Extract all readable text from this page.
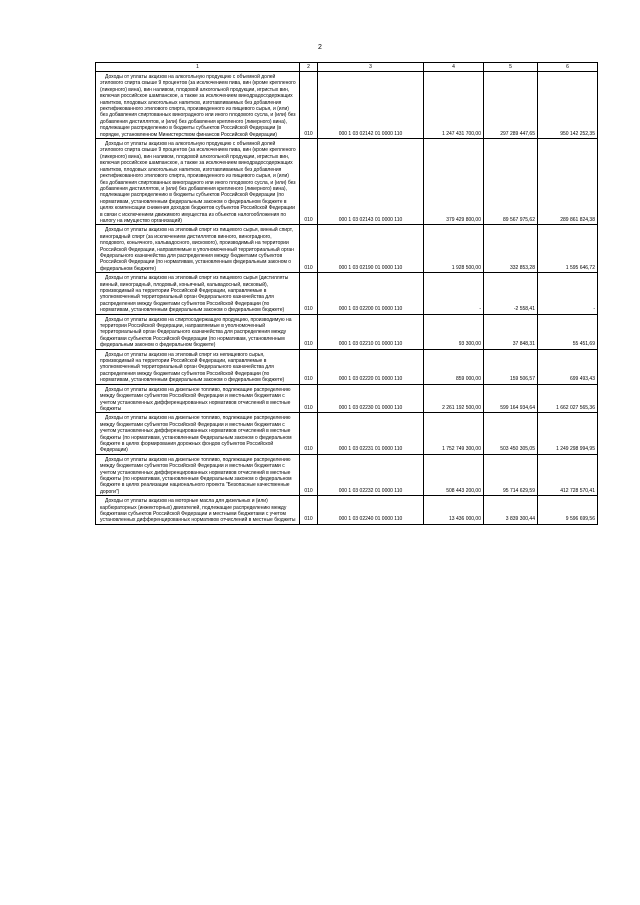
2
1	2	3	4	5	6
Доходы от уплаты акцизов на алкогольную продукцию с объемной долей этилового спирта свыше 9 процентов (за исключением пива, вин (кроме крепленого (ликерного) вина), вин наливом, плодовой алкогольной продукции, игристых вин, включая российское шампанское, а также за исключением винодрадосодержащих напитков, плодовых алкогольных напитков, изготавливаемых без добавления ректификованного этилового спирта, произведенного из пищевого сырья, и (или) без добавления спиртованных виноградного или иного плодового сусла, и (или) без добавления дистиллятов, и (или) без добавления крепленого (ликерного) вина), подлежащие распределению в бюджеты субъектов Российской Федерации (в порядке, установленном Министерством финансов Российской Федерации)	010	000 1 03 02142 01 0000 110	1 247 431 700,00	297 289 447,65	950 142 252,35
Доходы от уплаты акцизов на алкогольную продукцию с объемной долей этилового спирта свыше 9 процентов (за исключением пива, вин (кроме крепленого (ликерного) вина), вин наливом, плодовой алкогольной продукции, игристых вин, включая российское шампанское, а также за исключением винодрадосодержащих напитков, плодовых алкогольных напитков, изготавливаемых без добавления ректификованного этилового спирта, произведенного из пищевого сырья, и (или) без добавления спиртованных виноградного или иного плодового сусла, и (или) без добавления дистиллятов, и (или) без добавления крепленого (ликерного) вина), подлежащие распределению в бюджеты субъектов Российской Федерации (по нормативам, установленным федеральным законом о федеральном бюджете в целях компенсации снижения доходов бюджетов субъектов Российской Федерации в связи с исключением движимого имущества из объектов налогообложения по налогу на имущество организаций)	010	000 1 03 02143 01 0000 110	379 429 800,00	89 567 975,62	289 861 824,38
Доходы от уплаты акцизов на этиловый спирт из пищевого сырья, винный спирт, виноградный спирт (за исключением дистиллятов винного, виноградного, плодового, коньячного, кальвадосного, вискового), производимый на территории Российской Федерации, направляемые в уполномоченный территориальный орган Федерального казначейства для распределения между бюджетами субъектов Российской Федерации (по нормативам, установленным федеральным законом о федеральном бюджете)	010	000 1 03 02190 01 0000 110	1 928 500,00	332 853,28	1 595 646,72
Доходы от уплаты акцизов на этиловый спирт из пищевого сырья (дистилляты винный, виноградный, плодовый, коньячный, кальвадосный, висковый), производимый на территории Российской Федерации, направляемые в уполномоченный территориальный орган Федерального казначейства для распределения между бюджетами субъектов Российской Федерации (по нормативам, установленным федеральным законом о федеральном бюджете)	010	000 1 03 02200 01 0000 110	-	-2 558,41	-
Доходы от уплаты акцизов на спиртосодержащую продукцию, производимую на территории Российской Федерации, направляемые в уполномоченный территориальный орган Федерального казначейства для распределения между бюджетами субъектов Российской Федерации (по нормативам, установленным федеральным законом о федеральном бюджете)	010	000 1 03 02210 01 0000 110	93 300,00	37 848,31	55 451,69
Доходы от уплаты акцизов на этиловый спирт из непищевого сырья, производимый на территории Российской Федерации, направляемые в уполномоченный территориальный орган Федерального казначейства для распределения между бюджетами субъектов Российской Федерации (по нормативам, установленным федеральным законом о федеральном бюджете)	010	000 1 03 02220 01 0000 110	859 000,00	159 506,57	699 493,43
Доходы от уплаты акцизов на дизельное топливо, подлежащие распределению между бюджетами субъектов Российской Федерации и местными бюджетами с учетом установленных дифференцированных нормативов отчислений в местные бюджеты	010	000 1 03 02230 01 0000 110	2 261 192 500,00	599 164 934,64	1 662 027 565,36
Доходы от уплаты акцизов на дизельное топливо, подлежащие распределению между бюджетами субъектов Российской Федерации и местными бюджетами с учетом установленных дифференцированных нормативов отчислений в местные бюджеты (по нормативам, установленным Федеральным законом о федеральном бюджете в целях формирования дорожных фондов субъектов Российской Федерации)	010	000 1 03 02231 01 0000 110	1 752 749 300,00	503 450 305,05	1 249 298 994,95
Доходы от уплаты акцизов на дизельное топливо, подлежащие распределению между бюджетами субъектов Российской Федерации и местными бюджетами с учетом установленных дифференцированных нормативов отчислений в местные бюджеты (по нормативам, установленным Федеральным законом о федеральном бюджете в целях реализации национального проекта "Безопасные качественные дороги")	010	000 1 03 02232 01 0000 110	508 443 200,00	95 714 629,59	412 728 570,41
Доходы от уплаты акцизов на моторные масла для дизельных и (или) карбюраторных (инжекторных) двигателей, подлежащие распределению между бюджетами субъектов Российской Федерации и местными бюджетами с учетом установленных дифференцированных нормативов отчислений в местные бюджеты	010	000 1 03 02240 01 0000 110	13 436 000,00	3 839 300,44	9 596 699,56
